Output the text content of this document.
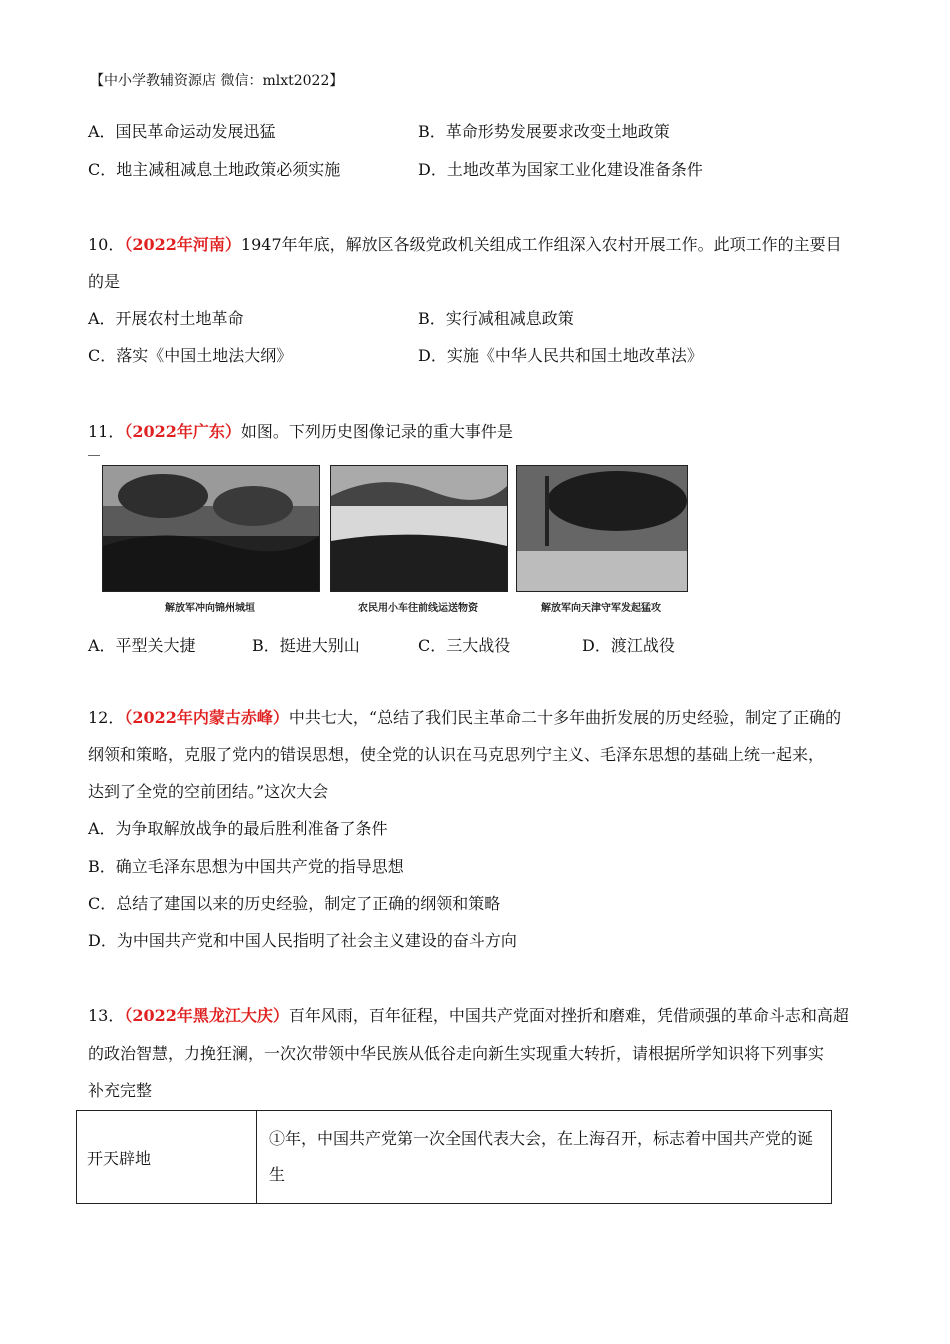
【中小学教辅资源店 微信：mlxt2022】
A．国民革命运动发展迅猛	B．革命形势发展要求改变土地政策
C．地主减租减息土地政策必须实施	D．土地改革为国家工业化建设准备条件
10．（2022年河南）1947年年底，解放区各级党政机关组成工作组深入农村开展工作。此项工作的主要目
的是
A．开展农村土地革命	B．实行减租减息政策
C．落实《中国土地法大纲》	D．实施《中华人民共和国土地改革法》
11．（2022年广东）如图。下列历史图像记录的重大事件是
解放军冲向锦州城垣	农民用小车往前线运送物资	解放军向天津守军发起猛攻
A．平型关大捷	B．挺进大别山	C．三大战役	D．渡江战役
12．（2022年内蒙古赤峰）中共七大，“总结了我们民主革命二十多年曲折发展的历史经验，制定了正确的
纲领和策略，克服了党内的错误思想，使全党的认识在马克思列宁主义、毛泽东思想的基础上统一起来，
达到了全党的空前团结。”这次大会
A．为争取解放战争的最后胜利准备了条件
B．确立毛泽东思想为中国共产党的指导思想
C．总结了建国以来的历史经验，制定了正确的纲领和策略
D．为中国共产党和中国人民指明了社会主义建设的奋斗方向
13．（2022年黑龙江大庆）百年风雨，百年征程，中国共产党面对挫折和磨难，凭借顽强的革命斗志和高超
的政治智慧，力挽狂澜，一次次带领中华民族从低谷走向新生实现重大转折，请根据所学知识将下列事实
补充完整
开天辟地	①年，中国共产党第一次全国代表大会，在上海召开，标志着中国共产党的诞生
